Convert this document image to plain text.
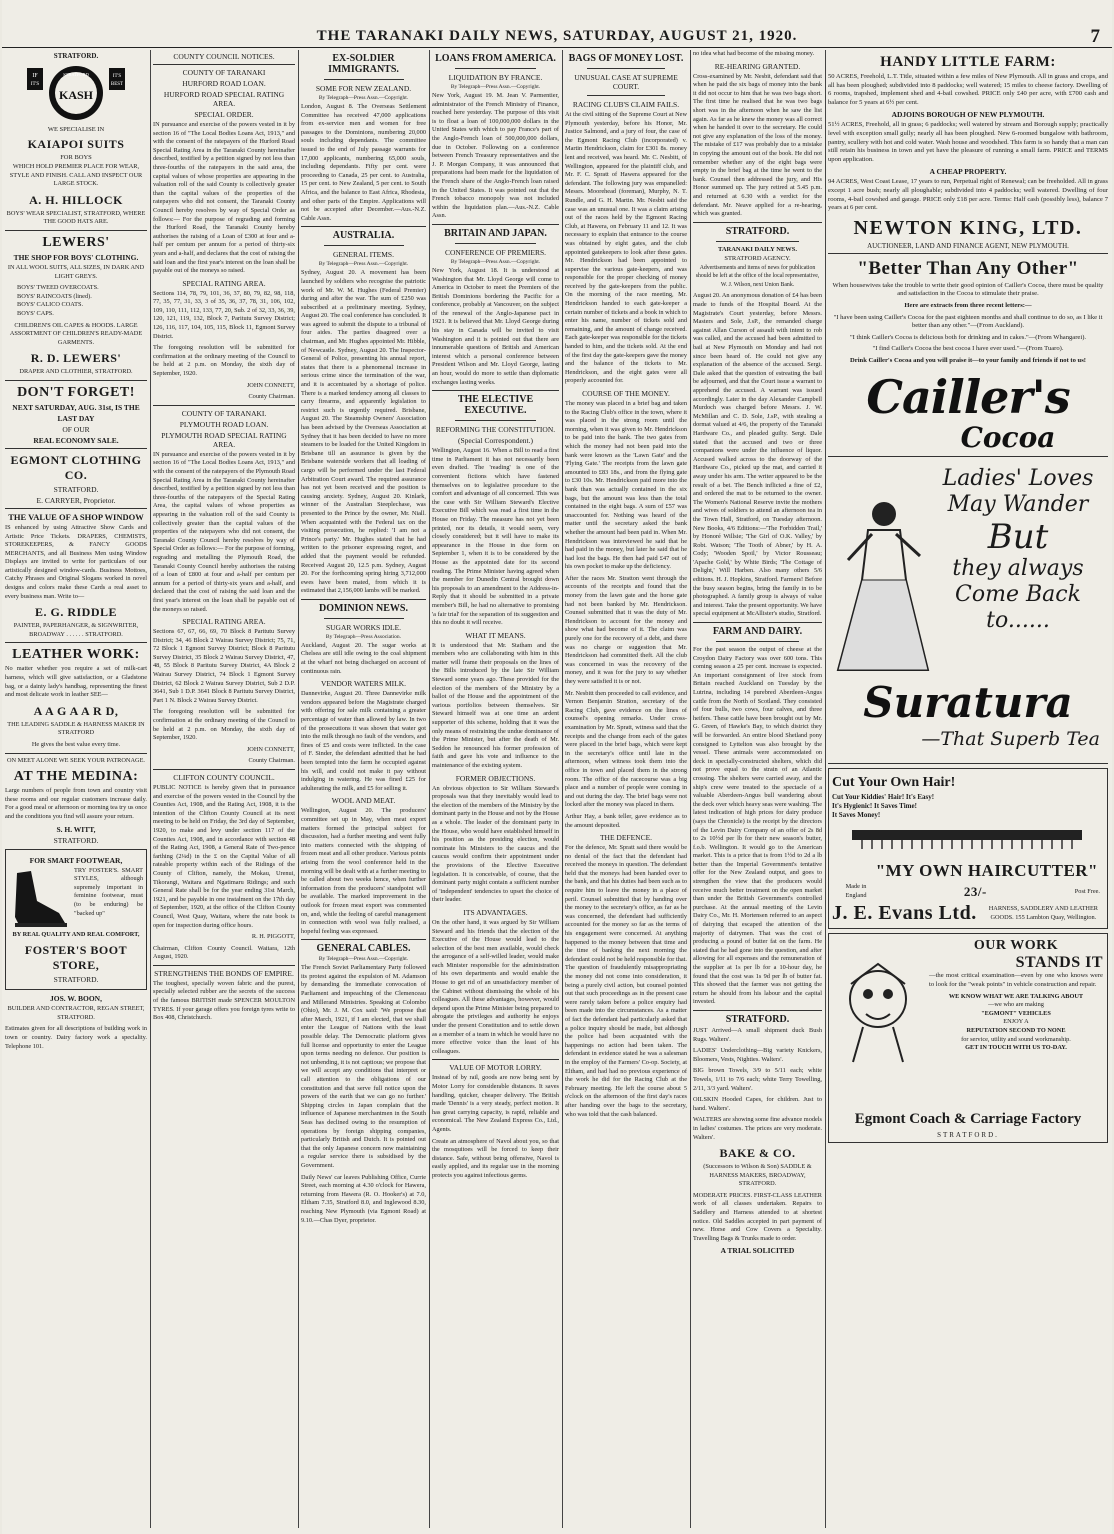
THE TARANAKI DAILY NEWS, SATURDAY, AUGUST 21, 1920.	7
STRATFORD.
IF
IT'S
IT'S
BEST
STRATFORD
KASH
WE SPECIALISE IN
KAIAPOI SUITS
FOR BOYS
WHICH HOLD PREMIER PLACE FOR WEAR, STYLE AND FINISH. CALL AND INSPECT OUR LARGE STOCK.
A. H. HILLOCK
BOYS' WEAR SPECIALIST, STRATFORD, WHERE THE GOOD HATS ARE.
LEWERS'
THE SHOP FOR BOYS' CLOTHING.
IN ALL WOOL SUITS, ALL SIZES, IN DARK AND LIGHT GREYS.
BOYS' TWEED OVERCOATS.
BOYS' RAINCOATS (lined).
BOYS' CALICO COATS.
BOYS' CAPS.
CHILDREN'S OIL CAPES & HOODS. LARGE ASSORTMENT OF CHILDREN'S READY-MADE GARMENTS.
R. D. LEWERS'
DRAPER AND CLOTHIER, STRATFORD.
DON'T FORGET!
NEXT SATURDAY, AUG. 31st, IS THE
LAST DAY
OF OUR
REAL ECONOMY SALE.
EGMONT CLOTHING CO.
STRATFORD.
E. CARRYER, Proprietor.
THE VALUE OF A SHOP WINDOW
IS enhanced by using Attractive Show Cards and Artistic Price Tickets. DRAPERS, CHEMISTS, STOREKEEPERS, & FANCY GOODS MERCHANTS, and all Business Men using Window Displays are invited to write for particulars of our artistically designed window-cards. Business Mottoes, Catchy Phrases and Original Slogans worked in novel designs and colors make these Cards a real asset to every business man. Write to—
E. G. RIDDLE
PAINTER, PAPERHANGER, & SIGNWRITER, BROADWAY . . . . . . STRATFORD.
LEATHER WORK:
No matter whether you require a set of milk-cart harness, which will give satisfaction, or a Gladstone bag, or a dainty lady's handbag, representing the finest and most delicate work in leather SEE—
A A G A A R D,
THE LEADING SADDLE & HARNESS MAKER IN STRATFORD
He gives the best value every time.
ON MEET ALONE WE SEEK YOUR PATRONAGE.
AT THE MEDINA:
Large numbers of people from town and country visit these rooms and our regular customers increase daily. For a good meal or afternoon or morning tea try us once and the conditions you find will assure your return.
S. H. WITT,
STRATFORD.
FOR SMART FOOTWEAR,
TRY FOSTER'S. SMART STYLES, although supremely important in feminine footwear, must (to be enduring) be "backed up"
BY REAL QUALITY AND REAL COMFORT,
FOSTER'S BOOT STORE,
STRATFORD.
JOS. W. BOON,
BUILDER AND CONTRACTOR, REGAN STREET, STRATFORD.
Estimates given for all descriptions of building work in town or country. Dairy factory work a speciality. Telephone 101.
COUNTY COUNCIL NOTICES.
COUNTY OF TARANAKI
HURFORD ROAD LOAN.
HURFORD ROAD SPECIAL RATING AREA.
SPECIAL ORDER.
IN pursuance and exercise of the powers vested in it by section 16 of "The Local Bodies Loans Act, 1913," and with the consent of the ratepayers of the Hurford Road Special Rating Area in the Taranaki County hereinafter described, testified by a petition signed by not less than three-fourths of the ratepayers in the said area, the capital values of whose properties are appearing in the valuation roll of the said County is collectively greater than the capital values of the properties of the ratepayers who did not consent, the Taranaki County Council hereby resolves by way of Special Order as follows:— For the purpose of regrading and forming the Hurford Road, the Taranaki County hereby authorises the raising of a Loan of £300 at four and a-half per centum per annum for a period of thirty-six years and a-half, and declares that the cost of raising the said loan and the first year's interest on the loan shall be payable out of the moneys so raised.
SPECIAL RATING AREA.
Sections 114, 78, 79, 101, 36, 37, 80, 79, 82, 98, 118, 77, 35, 77, 31, 33, 3 of 35, 36, 37, 78, 31, 106, 102, 109, 110, 111, 112, 133, 77, 20, Sub. 2 of 32, 33, 36, 39, 120, 121, 119, 132, Block 7, Paritutu Survey District; 126, 116, 117, 104, 105, 115, Block 11, Egmont Survey District.
The foregoing resolution will be submitted for confirmation at the ordinary meeting of the Council to be held at 2 p.m. on Monday, the sixth day of September, 1920.
JOHN CONNETT,
County Chairman.
COUNTY OF TARANAKI.
PLYMOUTH ROAD LOAN.
PLYMOUTH ROAD SPECIAL RATING AREA.
IN pursuance and exercise of the powers vested in it by section 16 of "The Local Bodies Loans Act, 1913," and with the consent of the ratepayers of the Plymouth Road Special Rating Area in the Taranaki County hereinafter described, testified by a petition signed by not less than three-fourths of the ratepayers of the Special Rating Area, the capital values of whose properties as appearing in the valuation roll of the said County is collectively greater than the capital values of the properties of the ratepayers who did not consent, the Taranaki County Council hereby resolves by way of Special Order as follows:— For the purpose of forming, regrading and metalling the Plymouth Road, the Taranaki County Council hereby authorises the raising of a loan of £800 at four and a-half per centum per annum for a period of thirty-six years and a-half, and declared that the cost of raising the said loan and the first year's interest on the loan shall be payable out of the moneys so raised.
SPECIAL RATING AREA.
Sections 67, 67, 66, 69, 70 Block 8 Paritutu Survey District; 34, 46 Block 2 Wairau Survey District; 75, 71, 72 Block 1 Egmont Survey District; Block 8 Paritutu Survey District, 35 Block 2 Wairau Survey District, 47, 48, 55 Block 8 Paritutu Survey District, 4A Block 2 Wairau Survey District, 74 Block 1 Egmont Survey District, 62 Block 2 Wairau Survey District, Sub 2 D.P. 3641, Sub 1 D.P. 3641 Block 8 Paritutu Survey District, Part 1 N. Block 2 Wairau Survey District.
The foregoing resolution will be submitted for confirmation at the ordinary meeting of the Council to be held at 2 p.m. on Monday, the sixth day of September, 1920.
JOHN CONNETT,
County Chairman.
CLIFTON COUNTY COUNCIL.
PUBLIC NOTICE is hereby given that in pursuance and exercise of the powers vested in the Council by the Counties Act, 1908, and the Rating Act, 1908, it is the intention of the Clifton County Council at its next meeting to be held on Friday, the 3rd day of September, 1920, to make and levy under section 117 of the Counties Act, 1908, and in accordance with section 48 of the Rating Act, 1908, a General Rate of Two-pence farthing (2¼d) in the £ on the Capital Value of all rateable property within each of the Ridings of the County of Clifton, namely, the Mokau, Urenui, Tikorangi, Waitara and Ngatimaru Ridings; and such General Rate shall be for the year ending 31st March, 1921, and be payable in one instalment on the 17th day of September, 1920, at the office of the Clifton County Council, West Quay, Waitara, where the rate book is open for inspection during office hours.
R. H. PIGGOTT,
Chairman, Clifton County Council. Waitara, 12th August, 1920.
STRENGTHENS THE BONDS OF EMPIRE.
The toughest, specially woven fabric and the purest, specially selected rubber are the secrets of the success of the famous BRITISH made SPENCER MOULTON TYRES. If your garage offers you foreign tyres write to Box 408, Christchurch.
EX-SOLDIER IMMIGRANTS.
SOME FOR NEW ZEALAND.
By Telegraph—Press Assn.—Copyright.
London, August 8. The Overseas Settlement Committee has received 47,000 applications from ex-service men and women for free passages to the Dominions, numbering 20,000 souls including dependants. The committee issued to the end of July passage warrants for 17,000 applicants, numbering 65,000 souls, including dependants. Fifty per cent. were proceeding to Canada, 25 per cent. to Australia, 15 per cent. to New Zealand, 5 per cent. to South Africa, and the balance to East Africa, Rhodesia, and other parts of the Empire. Applications will not be accepted after December.—Aus.-N.Z. Cable Assn.
AUSTRALIA.
GENERAL ITEMS.
By Telegraph—Press Assn.—Copyright.
Sydney, August 20. A movement has been launched by soldiers who recognise the patriotic work of Mr. W. M. Hughes (Federal Premier) during and after the war. The sum of £250 was subscribed at a preliminary meeting. Sydney, August 20. The coal conference has concluded. It was agreed to submit the dispute to a tribunal of four aides. The parties disagreed over a chairman, and Mr. Hughes appointed Mr. Hibble, of Newcastle. Sydney, August 20. The Inspector-General of Police, presenting his annual report, states that there is a phenomenal increase in serious crime since the termination of the war, and it is accentuated by a shortage of police. There is a marked tendency among all classes to carry firearms, and apparently legislation to restrict such is urgently required. Brisbane, August 20. The Steamship Owners' Association has been advised by the Overseas Association at Sydney that it has been decided to have no more steamers to be loaded for the United Kingdom in Brisbane till an assurance is given by the Brisbane waterside workers that all loading of cargo will be performed under the last Federal Arbitration Court award. The required assurance has not yet been received and the position is causing anxiety. Sydney, August 20. Kinlark, winner of the Australian Steeplechase, was presented to the Prince by the owner, Mr. Niall. When acquainted with the Federal tax on the visiting prosecution, he replied: 'I am not a Prince's party.' Mr. Hughes stated that he had written to the prisoner expressing regret, and added that the payment would be refunded. Received August 20, 12.5 p.m. Sydney, August 20. For the forthcoming spring hiring 3,712,000 ewes have been mated, from which it is estimated that 2,156,000 lambs will be marked.
DOMINION NEWS.
SUGAR WORKS IDLE.
By Telegraph—Press Association.
Auckland, August 20. The sugar works at Chelsea are still idle owing to the coal shipment at the wharf not being discharged on account of continuous rain.
VENDOR WATERS MILK.
Dannevirke, August 20. Three Dannevirke milk vendors appeared before the Magistrate charged with offering for sale milk containing a greater percentage of water than allowed by law. In two of the prosecutions it was shown that water got into the milk through no fault of the vendors, and fines of £5 and costs were inflicted. In the case of F. Sinder, the defendant admitted that he had been tempted into the farm he occupied against his will, and could not make it pay without indulging in watering. He was fined £25 for adulterating the milk, and £5 for selling it.
WOOL AND MEAT.
Wellington, August 20. The producers' committee set up in May, when meat export matters formed the principal subject for discussion, had a further meeting and went fully into matters connected with the shipping of frozen meat and all other produce. Various points arising from the wool conference held in the morning will be dealt with at a further meeting to be called about two weeks hence, when further information from the producers' standpoint will be available. The marked improvement in the outlook for frozen meat export was commented on, and, while the feeling of careful management in connection with wool was fully realised, a hopeful feeling was expressed.
GENERAL CABLES.
By Telegraph—Press Assn.—Copyright.
The French Soviet Parliamentary Party followed its protest against the expulsion of M. Adamson by demanding the immediate convocation of Parliament and impeaching of the Clemenceau and Millerand Ministries. Speaking at Colombo (Ohio), Mr. J. M. Cox said: 'We propose that after March, 1921, if I am elected, that we shall enter the League of Nations with the least possible delay. The Democratic platform gives full license and opportunity to enter the League upon terms needing no defence. Our position is not unbending, it is not captious; we propose that we will accept any conditions that interpret or call attention to the obligations of our constitution and that serve full notice upon the powers of the earth that we can go no further.' Shipping circles in Japan complain that the influence of Japanese merchantmen in the South Seas has declined owing to the resumption of operations by foreign shipping companies, particularly British and Dutch. It is pointed out that the only Japanese concern now maintaining a regular service there is subsidised by the Government.
Daily News' car leaves Publishing Office, Currie Street, each morning at 4.30 o'clock for Hawera, returning from Hawera (R. O. Hooker's) at 7.0, Eltham 7.35, Stratford 8.0, and Inglewood 8.30, reaching New Plymouth (via Egmont Road) at 9.10.—Chas Dyer, proprietor.
LOANS FROM AMERICA.
LIQUIDATION BY FRANCE.
By Telegraph—Press Assn.—Copyright.
New York, August 19. M. Jean V. Parmentier, administrator of the French Ministry of Finance, reached here yesterday. The purpose of this visit is to float a loan of 100,000,000 dollars in the United States with which to pay France's part of the Anglo-French loan of 500,000,000 dollars, due in October. Following on a conference between French Treasury representatives and the J. P. Morgan Company, it was announced that preparations had been made for the liquidation of the French share of the Anglo-French loan raised in the United States. It was pointed out that the French tobacco monopoly was not included within the liquidation plan.—Aus.-N.Z. Cable Assn.
BRITAIN AND JAPAN.
CONFERENCE OF PREMIERS.
By Telegraph—Press Assn.—Copyright.
New York, August 18. It is understood at Washington that Mr. Lloyd George will come to America in October to meet the Premiers of the British Dominions bordering the Pacific for a conference, probably at Vancouver, on the subject of the renewal of the Anglo-Japanese pact in 1921. It is believed that Mr. Lloyd George during his stay in Canada will be invited to visit Washington and it is pointed out that there are innumerable questions of British and American interest which a personal conference between President Wilson and Mr. Lloyd George, lasting an hour, would do more to settle than diplomatic exchanges lasting weeks.
THE ELECTIVE EXECUTIVE.
REFORMING THE CONSTITUTION.
(Special Correspondent.)
Wellington, August 16. When a Bill to read a first time in Parliament it has not necessarily been even drafted. The 'reading' is one of the convenient fictions which have fastened themselves on to legislative procedure to the comfort and advantage of all concerned. This was the case with Sir William Steward's Elective Executive Bill which was read a first time in the House on Friday. The measure has not yet been printed, nor its details, it would seem, very closely considered; but it will have to make its appearance in the House in due form on September 1, when it is to be considered by the House as the appointed date for its second reading. The Prime Minister having agreed when the member for Dunedin Central brought down his proposals to an amendment to the Address-in-Reply that it should be submitted in a private member's Bill, he had no alternative to promising 'a fair trial' for the separation of its suggestion and this no doubt it will receive.
WHAT IT MEANS.
It is understood that Mr. Statham and the members who are collaborating with him in this matter will frame their proposals on the lines of the Bills introduced by the late Sir William Steward some years ago. These provided for the election of the members of the Ministry by a ballot of the House and the appointment of the various portfolios between themselves. Sir Steward himself was at one time an ardent supporter of this scheme, holding that it was the only means of restraining the undue dominance of the Prime Minister, but after the death of Mr. Seddon he renounced his former profession of faith and gave his vote and influence to the maintenance of the existing system.
FORMER OBJECTIONS.
An obvious objection to Sir William Steward's proposals was that they inevitably would lead to the election of the members of the Ministry by the dominant party in the House and not by the House as a whole. The leader of the dominant party in the House, who would have established himself in his position as the presiding election, would nominate his Ministers to the caucus and the caucus would confirm their appointment under the provisions of the Elective Executive legislation. It is conceivable, of course, that the dominant party might contain a sufficient number of 'independent' tendencies to upset the choice of their leader.
ITS ADVANTAGES.
On the other hand, it was argued by Sir William Steward and his friends that the election of the Executive of the House would lead to the selection of the best men available, would check the arrogance of a self-willed leader, would make each Minister responsible for the administration of his own departments and would enable the House to get rid of an unsatisfactory member of the Cabinet without dismissing the whole of his colleagues. All these advantages, however, would depend upon the Prime Minister being prepared to abrogate the privileges and authority he enjoys under the present Constitution and to settle down as a member of a team in which he would have no more effective voice than the least of his colleagues.
VALUE OF MOTOR LORRY.
Instead of by rail, goods are now being sent by Motor Lorry for considerable distances. It saves handling, quicker, cheaper delivery. The British made 'Dennis' is a very steady, perfect motion. It has great carrying capacity, is rapid, reliable and economical. The New Zealand Express Co., Ltd., Agents.
Create an atmosphere of Navol about you, so that the mosquitoes will be forced to keep their distance. Safe, without being offensive, Navol is easily applied, and its regular use in the morning protects you against infectious germs.
BAGS OF MONEY LOST.
UNUSUAL CASE AT SUPREME COURT.
RACING CLUB'S CLAIM FAILS.
At the civil sitting of the Supreme Court at New Plymouth yesterday, before his Honor, Mr. Justice Salmond, and a jury of four, the case of the Egmont Racing Club (incorporated) v. Martin Hendrickson, claim for £301 8s. money lent and received, was heard. Mr. C. Nesbitt, of Wellington, appeared for the plaintiff club, and Mr. F. C. Spratt of Hawera appeared for the defendant. The following jury was empanelled: Messrs. Moorehead (foreman), Murphy, N. T. Rundle, and G. H. Martin. Mr. Nesbit said the case was an unusual one. It was a claim arising out of the races held by the Egmont Racing Club, at Hawera, on February 11 and 12. It was necessary to explain that entrance to the course was obtained by eight gates, and the club appointed gatekeepers to look after these gates. Mr. Hendrickson had been appointed to supervise the various gate-keepers, and was responsible for the proper checking of money received by the gate-keepers from the public. On the morning of the race meeting, Mr. Hendrickson handed to each gate-keeper a certain number of tickets and a book in which to enter his name, number of tickets sold and remaining, and the amount of change received. Each gate-keeper was responsible for the tickets handed to him, and the tickets sold. At the end of the first day the gate-keepers gave the money and the balance of the tickets to Mr. Hendrickson, and the eight gates were all properly accounted for.
COURSE OF THE MONEY.
The money was placed in a brief bag and taken to the Racing Club's office in the town, where it was placed in the strong room until the morning, when it was given to Mr. Hendrickson to be paid into the bank. The two gates from which the money had not been paid into the bank were known as the 'Lawn Gate' and the 'Flying Gate.' The receipts from the lawn gate amounted to £83 18s., and from the flying gate to £30 10s. Mr. Hendrickson paid more into the bank than was actually contained in the six bags, but the amount was less than the total contained in the eight bags. A sum of £57 was unaccounted for. Nothing was heard of the matter until the secretary asked the bank whether the amount had been paid in. When Mr. Hendrickson was interviewed he said that he had paid in the money, but later he said that he had lost the bags. He then had paid £47 out of his own pocket to make up the deficiency.
After the races Mr. Stratton went through the accounts of the receipts and found that the money from the lawn gate and the horse gate had not been banked by Mr. Hendrickson. Counsel submitted that it was the duty of Mr. Hendrickson to account for the money and show what had become of it. The claim was purely one for the recovery of a debt, and there was no charge or suggestion that Mr. Hendrickson had committed theft. All the club was concerned in was the recovery of the money, and it was for the jury to say whether they were satisfied it is or not.
Mr. Nesbitt then proceeded to call evidence, and Vernon Benjamin Stratton, secretary of the Racing Club, gave evidence on the lines of counsel's opening remarks. Under cross-examination by Mr. Spratt, witness said that the receipts and the change from each of the gates were placed in the brief bags, which were kept in the secretary's office until late in the afternoon, when witness took them into the office in town and placed them in the strong room. The office of the racecourse was a big place and a number of people were coming in and out during the day. The brief bags were not locked after the money was placed in them.
Arthur Hay, a bank teller, gave evidence as to the amount deposited.
THE DEFENCE.
For the defence, Mr. Spratt said there would be no denial of the fact that the defendant had received the moneys in question. The defendant held that the moneys had been handed over to the bank, and that his duties had been such as to require him to leave the money in a place of peril. Counsel submitted that by handing over the money to the secretary's office, as far as he was concerned, the defendant had sufficiently accounted for the money so far as the terms of his engagement were concerned. At anything happened to the money between that time and the time of banking the next morning the defendant could not be held responsible for that. The question of fraudulently misappropriating the money did not come into consideration, it being a purely civil action, but counsel pointed out that such proceedings as in the present case were rarely taken before a police enquiry had been made into the circumstances. As a matter of fact the defendant had particularly asked that a police inquiry should be made, but although the police had been acquainted with the happenings no action had been taken. The defendant in evidence stated he was a salesman in the employ of the Farmers' Co-op. Society, at Eltham, and had had no previous experience of the work he did for the Racing Club at the February meeting. He left the course about 5 o'clock on the afternoon of the first day's races after handing over the bags to the secretary, who was told that the cash balanced.
no idea what had become of the missing money.
RE-HEARING GRANTED.
Cross-examined by Mr. Nesbit, defendant said that when he paid the six bags of money into the bank it did not occur to him that he was two bags short. The first time he realised that he was two bags short was in the afternoon when he saw the list again. As far as he knew the money was all correct when he handed it over to the secretary. He could not give any explanation of the loss of the money. The mistake of £17 was probably due to a mistake in copying the amount out of the book. He did not remember whether any of the eight bags were empty in the brief bag at the time he went to the bank. Counsel then addressed the jury, and His Honor summed up. The jury retired at 5.45 p.m. and returned at 6.30 with a verdict for the defendant. Mr. Neave applied for a re-hearing, which was granted.
STRATFORD.
TARANAKI DAILY NEWS.
STRATFORD AGENCY.
Advertisements and items of news for publication should be left at the office of the local representative, W. J. Wilson, next Union Bank.
August 20. An anonymous donation of £4 has been made to funds of the Hospital Board. At the Magistrate's Court yesterday, before Messrs. Masters and Sole, J.sP., the remanded charge against Allan Curson of assault with intent to rob was called, and the accused had been admitted to bail at New Plymouth on Monday and had not since been heard of. He could not give any explanation of the absence of the accused. Sergt. Dale asked that the question of estreating the bail be adjourned, and that the Court issue a warrant to apprehend the accused. A warrant was issued accordingly. Later in the day Alexander Campbell Murdoch was charged before Messrs. J. W. McMillan and C. D. Sole, J.sP., with stealing a dormat valued at 4/6, the property of the Taranaki Hardware Co., and pleaded guilty. Sergt. Dale stated that the accused and two or three companions were under the influence of liquor. Accused walked across to the doorway of the Hardware Co., picked up the mat, and carried it away under his arm. The writer appeared to be the result of a bet. The Bench inflicted a fine of £2, and ordered the mat to be returned to the owner. The Women's National Reserve invite the mothers and wives of soldiers to attend an afternoon tea in the Town Hall, Stratford, on Tuesday afternoon. New Books, 4/6 Editions:—'The Forbidden Trail,' by Honoré Willsie; 'The Girl of O.K. Valley,' by Robt. Watson; 'The Tooth of Abner,' by H. A. Cody; 'Wooden Spoil,' by Victor Rousseau; 'Apache Gold,' by White Birds; 'The Cottage of Delight,' Will Harben. Also many others 5/6 editions. H. J. Hopkins, Stratford. Farmers! Before the busy season begins, bring the family in to be photographed. A family group is always of value and interest. Take the present opportunity. We have special equipment at McAllister's studio, Stratford.
FARM AND DAIRY.
For the past season the output of cheese at the Croydon Dairy Factory was over 600 tons. This coming season a 25 per cent. increase is expected. An important consignment of live stock from Britain reached Auckland on Tuesday by the Lutrina, including 14 purebred Aberdeen-Angus cattle from the North of Scotland. They consisted of four bulls, two cows, four calves, and three heifers. These cattle have been brought out by Mr. G. Green, of Hawke's Bay, to which district they will be forwarded. An entire blood Shetland pony consigned to Lyttelton was also brought by the vessel. These animals were accommodated on deck in specially-constructed shelters, which did not prove equal to the strain of an Atlantic crossing. The shelters were carried away, and the ship's crew were treated to the spectacle of a valuable Aberdeen-Angus bull wandering about the deck over which heavy seas were washing. The latest indication of high prices for dairy produce (says the Chronicle) is the receipt by the directors of the Levin Dairy Company of an offer of 2s 8d to 2s 10½d per lb for their new season's butter, f.o.b. Wellington. It would go to the American market. This is a price that is from 1½d to 2d a lb better than the Imperial Government's tentative offer for the New Zealand output, and goes to strengthen the view that the producers would receive much better treatment on the open market than under the British Government's controlled purchase. At the annual meeting of the Levin Dairy Co., Mr. H. Mortensen referred to an aspect of dairying that escaped the attention of the majority of dairymen. That was the cost of producing a pound of butter fat on the farm. He stated that he had gone into the question, and after allowing for all expenses and the remuneration of the supplier at 1s per lb for a 10-hour day, he found that the cost was 1s 9d per lb of butter fat. This showed that the farmer was not getting the return he should from his labour and the capital invested.
STRATFORD.
JUST Arrived—A small shipment duck Bush Rugs. Walters'.
LADIES' Underclothing—Big variety Knickers, Bloomers, Vests, Nighties. Walters'.
BIG brown Towels, 3/9 to 5/11 each; white Towels, 1/11 to 7/6 each; white Terry Towelling, 2/11, 3/3 yard. Walters'.
OILSKIN Hooded Capes, for children. Just to hand. Walters'.
WALTERS are showing some fine advance models in ladies' costumes. The prices are very moderate. Walters'.
BAKE & CO.
(Successors to Wilson & Son) SADDLE & HARNESS MAKERS, BROADWAY, STRATFORD.
MODERATE PRICES. FIRST-CLASS LEATHER work of all classes undertaken. Repairs to Saddlery and Harness attended to at shortest notice. Old Saddles accepted in part payment of new. Horse and Cow Covers a Speciality. Travelling Bags & Trunks made to order.
A TRIAL SOLICITED
HANDY LITTLE FARM:
50 ACRES, Freehold, L.T. Title, situated within a few miles of New Plymouth. All in grass and crops, and all has been ploughed; subdivided into 8 paddocks; well watered; 15 miles to cheese factory. Dwelling of 6 rooms, trapshed, implement shed and 4-bail cowshed. PRICE only £40 per acre, with £700 cash and balance for 5 years at 6½ per cent.
ADJOINS BOROUGH OF NEW PLYMOUTH.
51½ ACRES, Freehold, all in grass; 6 paddocks; well watered by stream and Borough supply; practically level with exception small gully; nearly all has been ploughed. New 6-roomed bungalow with bathroom, pantry, scullery with hot and cold water. Wash house and woodshed. This farm is so handy that a man can still retain his business in town and yet have the pleasure of running a small farm. PRICE and TERMS upon application.
A CHEAP PROPERTY.
94 ACRES, West Coast Lease, 17 years to run, Perpetual right of Renewal; can be freeholded. All in grass except 1 acre bush; nearly all ploughable; subdivided into 4 paddocks; well watered. Dwelling of four rooms, 4-bail cowshed and garage. PRICE only £18 per acre. Terms: Half cash (possibly less), balance 7 years at 6 per cent.
NEWTON KING, LTD.
AUCTIONEER, LAND AND FINANCE AGENT, NEW PLYMOUTH.
"Better Than Any Other"
When housewives take the trouble to write their good opinion of Cailler's Cocoa, there must be quality and satisfaction in the Cocoa to stimulate their praise.
Here are extracts from three recent letters:—
"I have been using Cailler's Cocoa for the past eighteen months and shall continue to do so, as I like it better than any other."—(From Auckland).
"I think Cailler's Cocoa is delicious both for drinking and in cakes."—(From Whangarei).
"I find Cailler's Cocoa the best cocoa I have ever used."—(From Tuaro).
Drink Cailler's Cocoa and you will praise it—to your family and friends if not to us!
Cailler's
Cocoa
Ladies' Loves
May Wander
But
they always
Come Back
to......
Suratura
—That Superb Tea
Cut Your Own Hair!
Cut Your Kiddies' Hair! It's Easy!
It's Hygienic! It Saves Time!
It Saves Money!
"MY OWN HAIRCUTTER"
Made in England	23/-	Post Free.
J. E. Evans Ltd.	HARNESS, SADDLERY AND LEATHER GOODS. 155 Lambton Quay, Wellington.
OUR WORK
STANDS IT
—the most critical examination—even by one who knows were to look for the "weak points" in vehicle construction and repair.
WE KNOW WHAT WE ARE TALKING ABOUT
—we who are making
"EGMONT" VEHICLES
ENJOY A
REPUTATION SECOND TO NONE
for service, utility and sound workmanship.
GET IN TOUCH WITH US TO-DAY.
Egmont Coach & Carriage Factory
STRATFORD.
